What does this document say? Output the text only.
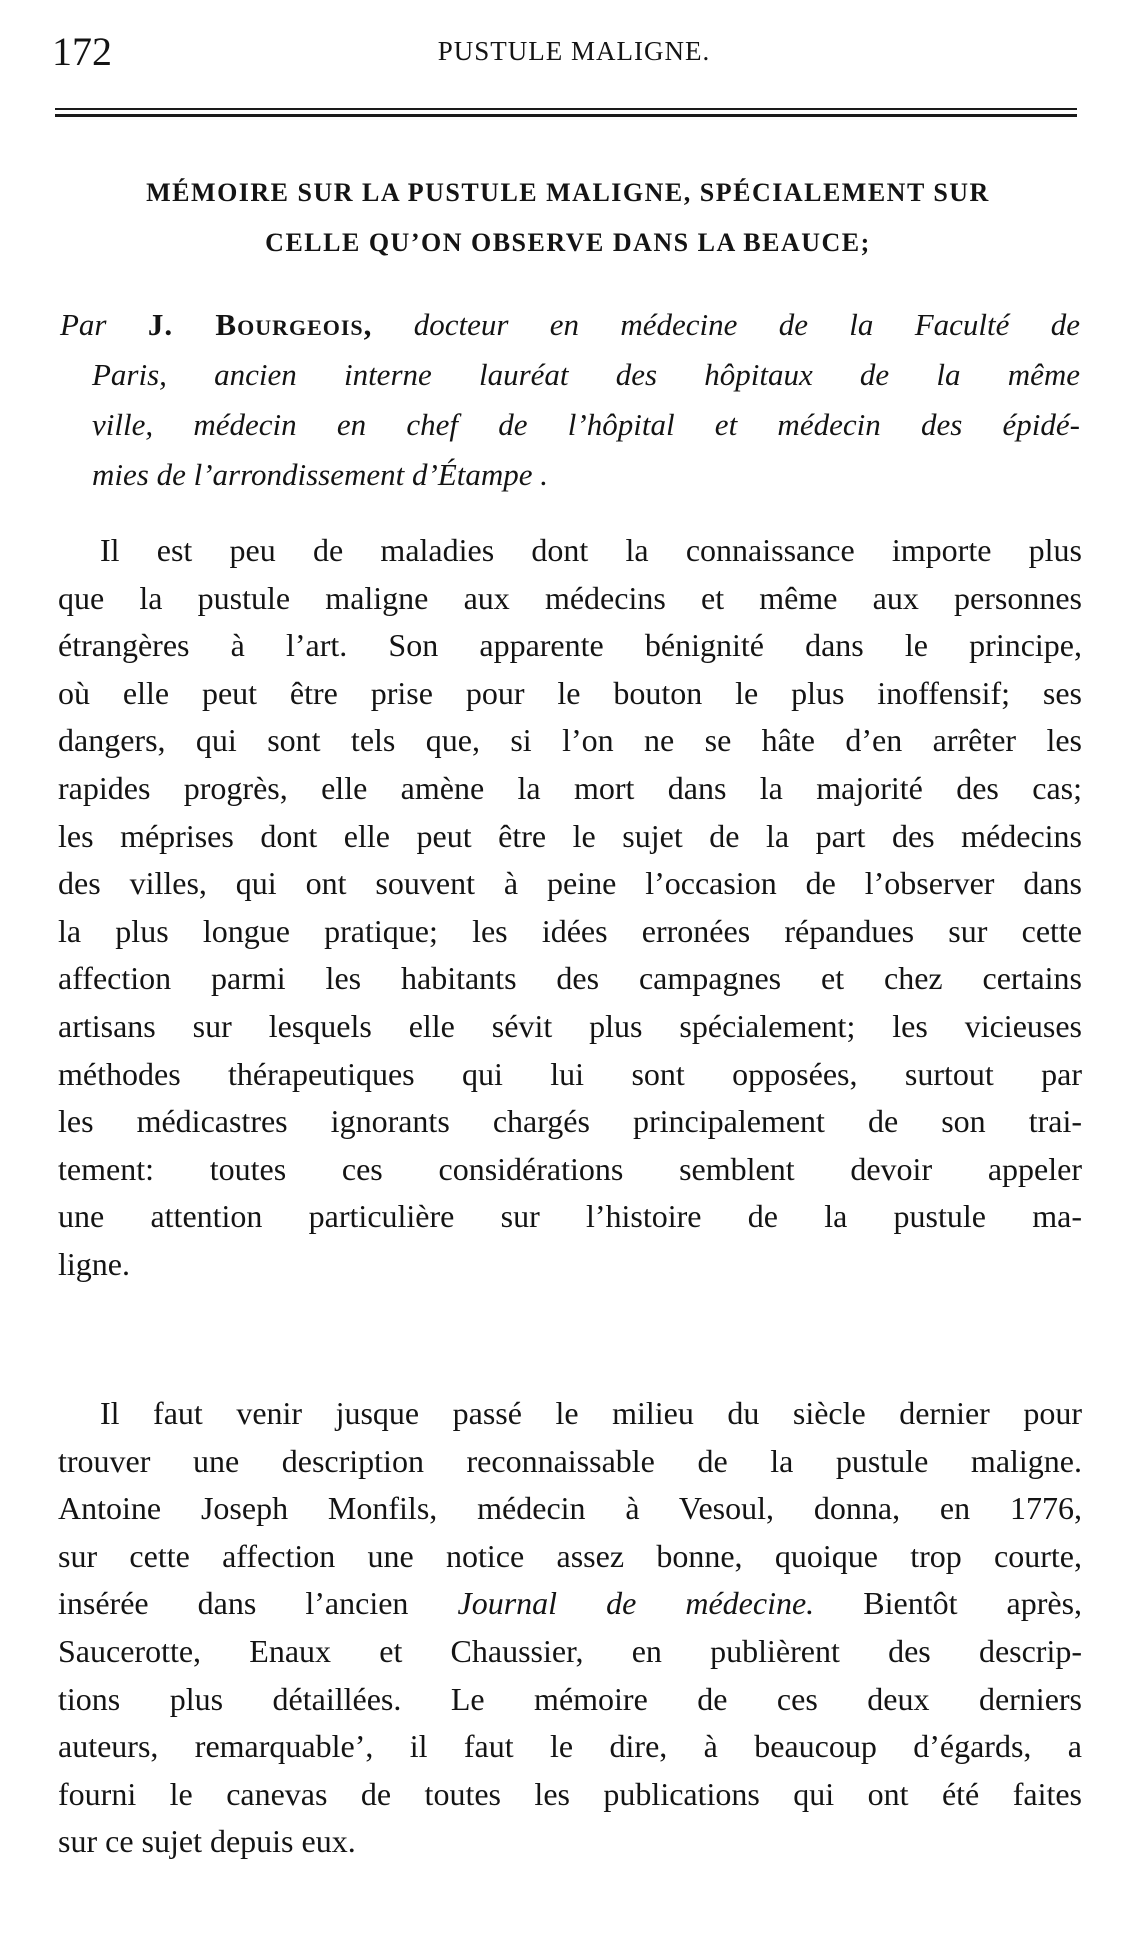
172	PUSTULE MALIGNE.
MÉMOIRE SUR LA PUSTULE MALIGNE, SPÉCIALEMENT SUR
CELLE QU’ON OBSERVE DANS LA BEAUCE;
Par J. Bourgeois, docteur en médecine de la Faculté de
Paris, ancien interne lauréat des hôpitaux de la même
ville, médecin en chef de l’hôpital et médecin des épidé-
mies de l’arrondissement d’Étampe .
Il est peu de maladies dont la connaissance importe plus
que la pustule maligne aux médecins et même aux personnes
étrangères à l’art. Son apparente bénignité dans le principe,
où elle peut être prise pour le bouton le plus inoffensif; ses
dangers, qui sont tels que, si l’on ne se hâte d’en arrêter les
rapides progrès, elle amène la mort dans la majorité des cas;
les méprises dont elle peut être le sujet de la part des médecins
des villes, qui ont souvent à peine l’occasion de l’observer dans
la plus longue pratique; les idées erronées répandues sur cette
affection parmi les habitants des campagnes et chez certains
artisans sur lesquels elle sévit plus spécialement; les vicieuses
méthodes thérapeutiques qui lui sont opposées, surtout par
les médicastres ignorants chargés principalement de son trai-
tement: toutes ces considérations semblent devoir appeler
une attention particulière sur l’histoire de la pustule ma-
ligne.
Il faut venir jusque passé le milieu du siècle dernier pour
trouver une description reconnaissable de la pustule maligne.
Antoine Joseph Monfils, médecin à Vesoul, donna, en 1776,
sur cette affection une notice assez bonne, quoique trop courte,
insérée dans l’ancien Journal de médecine. Bientôt après,
Saucerotte, Enaux et Chaussier, en publièrent des descrip-
tions plus détaillées. Le mémoire de ces deux derniers
auteurs, remarquable’, il faut le dire, à beaucoup d’égards, a
fourni le canevas de toutes les publications qui ont été faites
sur ce sujet depuis eux.
